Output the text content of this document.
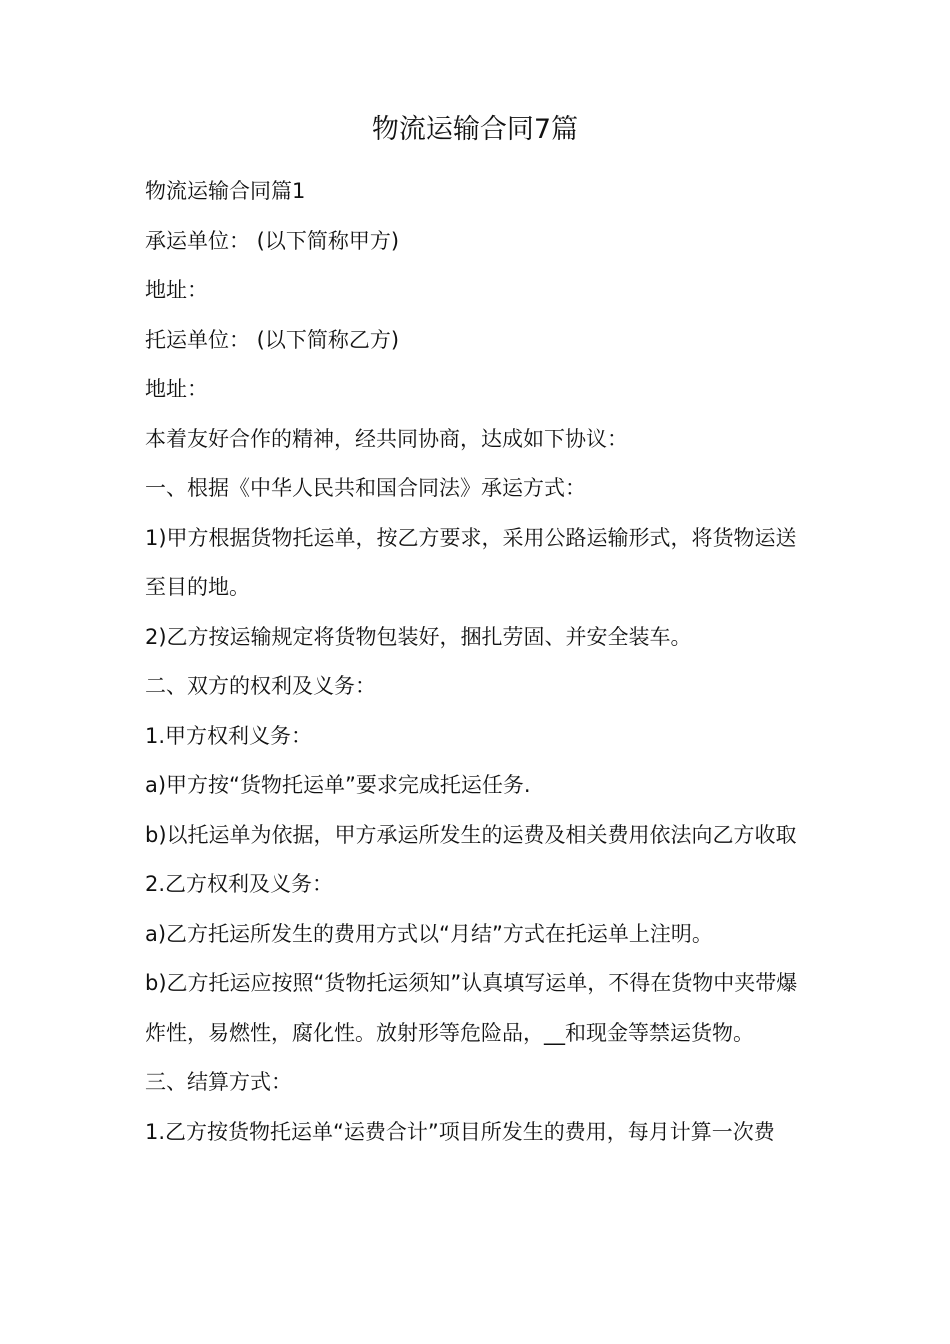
物流运输合同7篇

物流运输合同篇1

承运单位： (以下简称甲方)

地址：

托运单位： (以下简称乙方)

地址：

本着友好合作的精神，经共同协商，达成如下协议：

一、根据《中华人民共和国合同法》承运方式：

1)甲方根据货物托运单，按乙方要求，采用公路运输形式，将货物运送至目的地。

2)乙方按运输规定将货物包装好，捆扎劳固、并安全装车。

二、双方的权利及义务：

1.甲方权利义务：

a)甲方按“货物托运单”要求完成托运任务.

b)以托运单为依据，甲方承运所发生的运费及相关费用依法向乙方收取

2.乙方权利及义务：

a)乙方托运所发生的费用方式以“月结”方式在托运单上注明。

b)乙方托运应按照“货物托运须知”认真填写运单，不得在货物中夹带爆炸性，易燃性，腐化性。放射形等危险品，__和现金等禁运货物。

三、结算方式：

1.乙方按货物托运单“运费合计”项目所发生的费用，每月计算一次费
